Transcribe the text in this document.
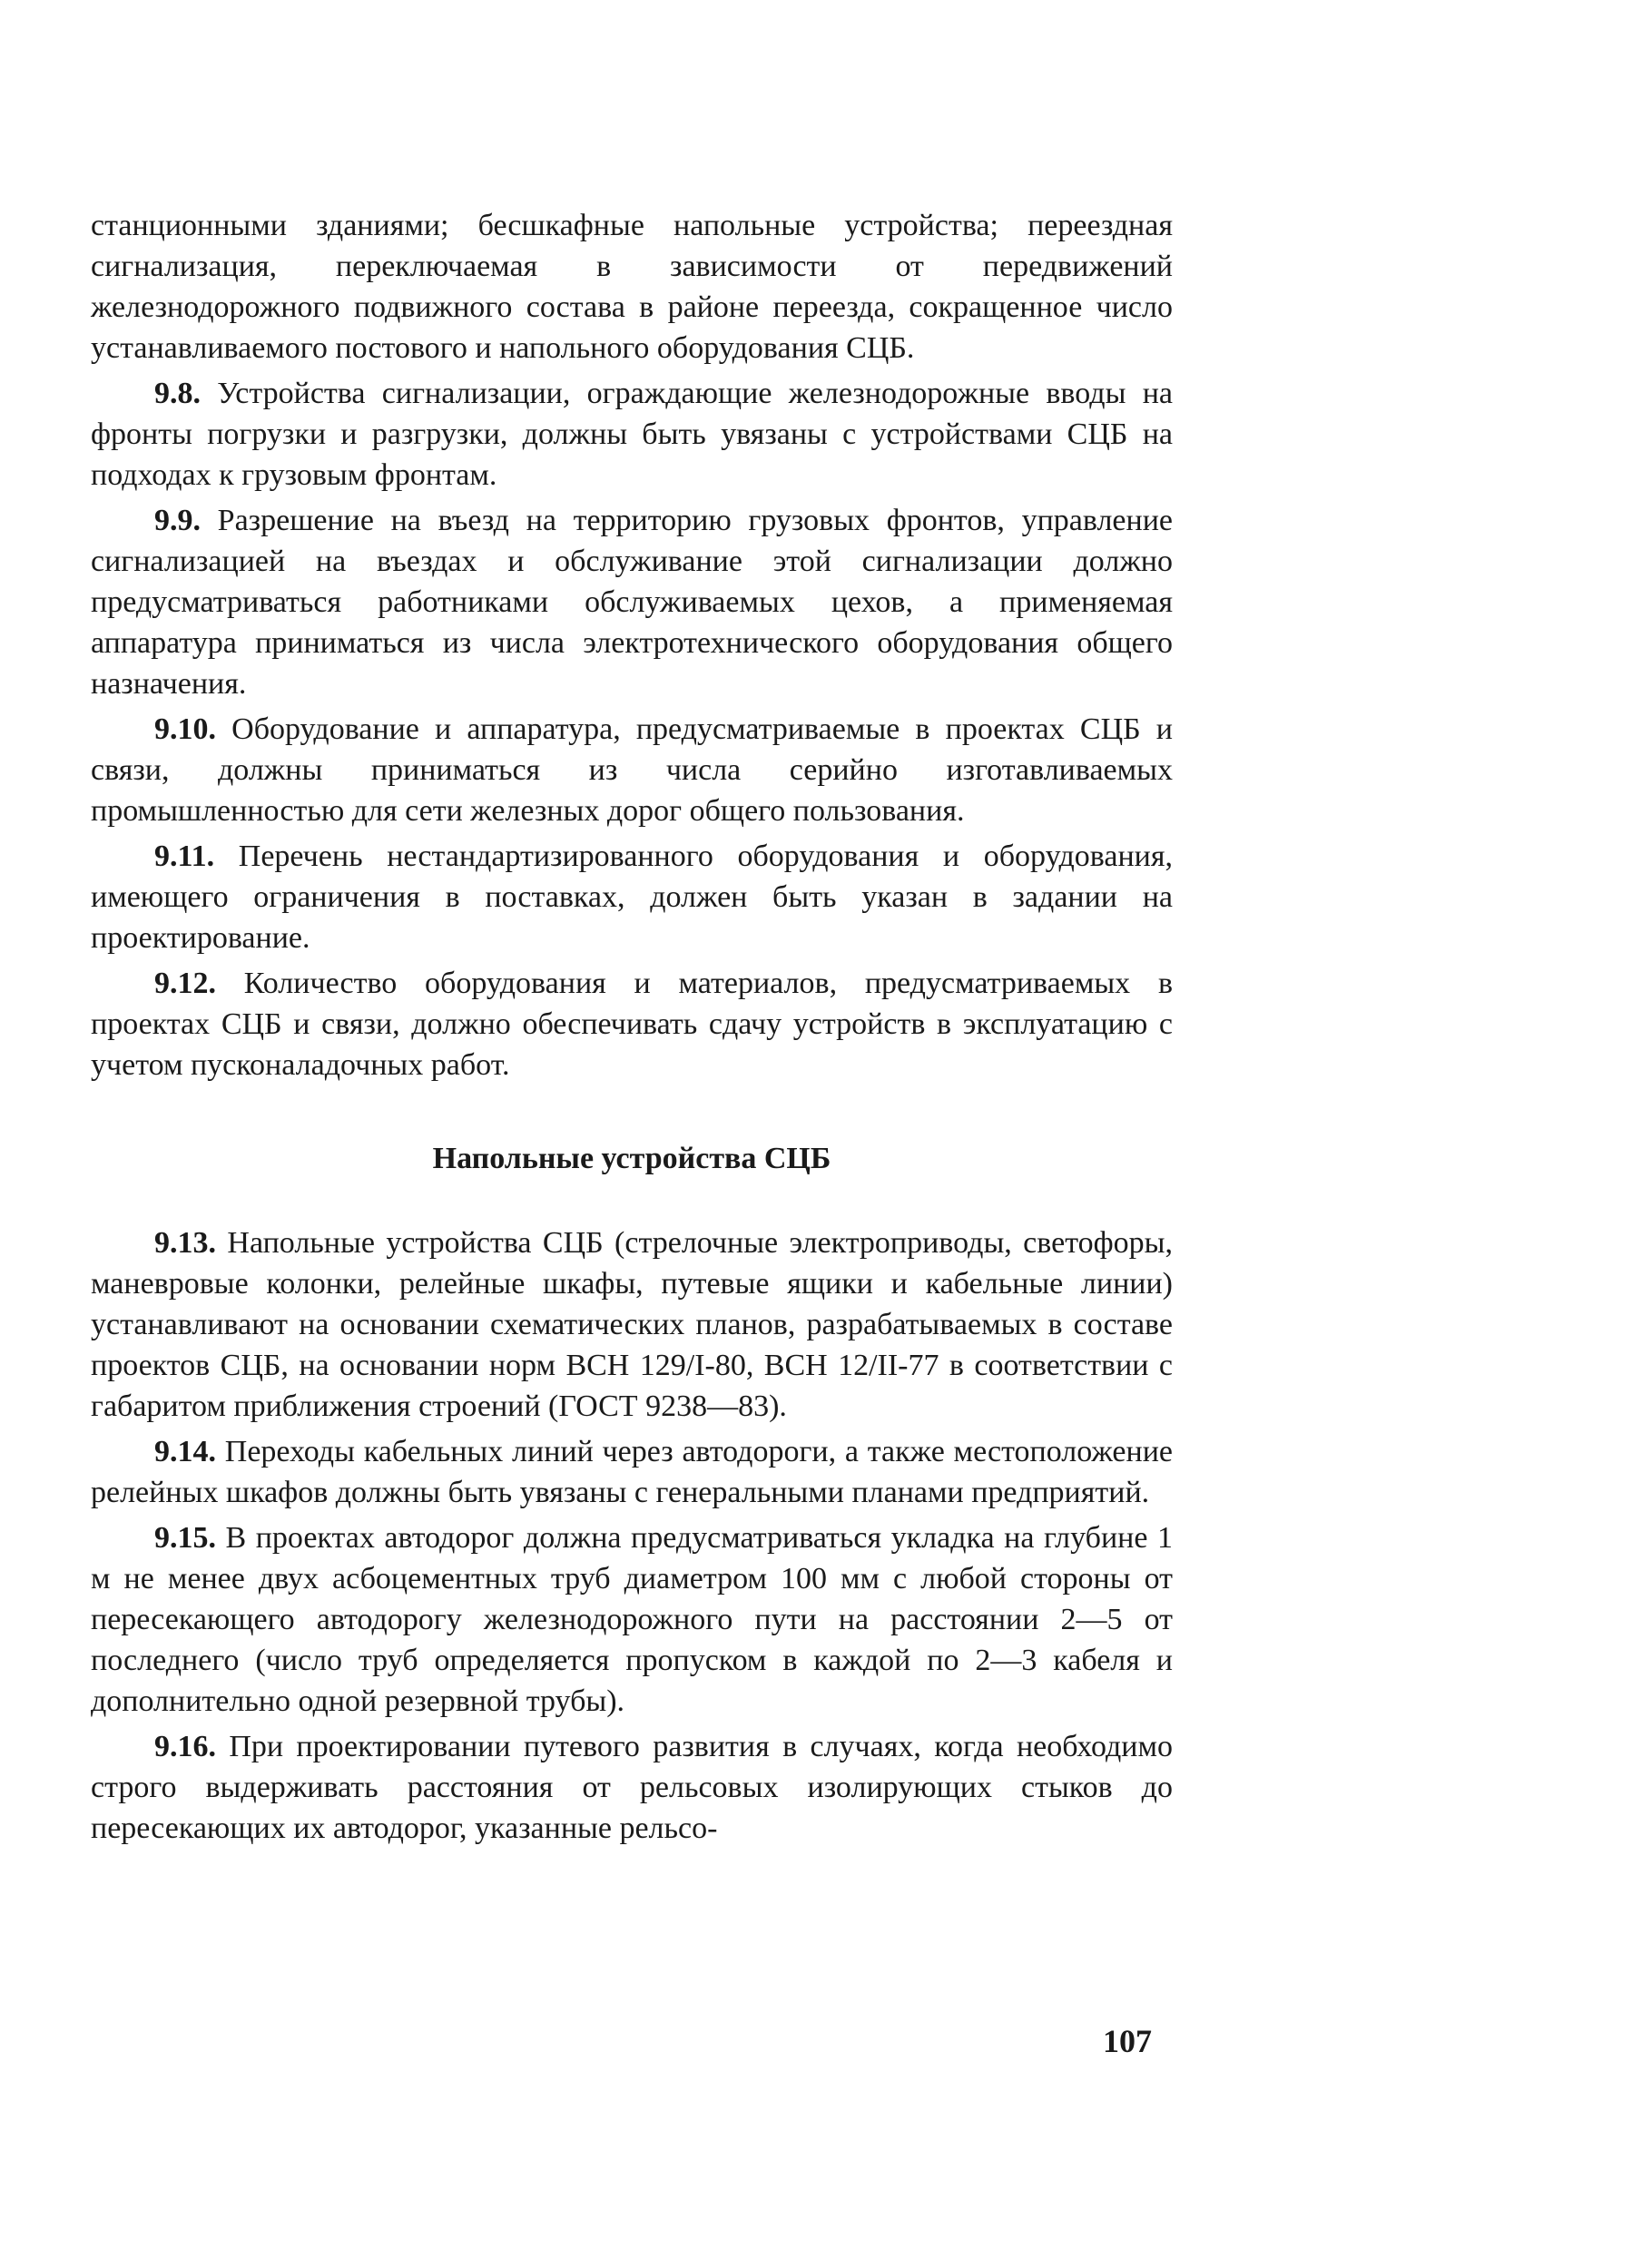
станционными зданиями; бесшкафные напольные устройства; переездная сигнализация, переключаемая в зависимости от передвижений железнодорожного подвижного состава в районе переезда, сокращенное число устанавливаемого постового и напольного оборудования СЦБ.

9.8. Устройства сигнализации, ограждающие железнодорожные вводы на фронты погрузки и разгрузки, должны быть увязаны с устройствами СЦБ на подходах к грузовым фронтам.

9.9. Разрешение на въезд на территорию грузовых фронтов, управление сигнализацией на въездах и обслуживание этой сигнализации должно предусматриваться работниками обслуживаемых цехов, а применяемая аппаратура приниматься из числа электротехнического оборудования общего назначения.

9.10. Оборудование и аппаратура, предусматриваемые в проектах СЦБ и связи, должны приниматься из числа серийно изготавливаемых промышленностью для сети железных дорог общего пользования.

9.11. Перечень нестандартизированного оборудования и оборудования, имеющего ограничения в поставках, должен быть указан в задании на проектирование.

9.12. Количество оборудования и материалов, предусматриваемых в проектах СЦБ и связи, должно обеспечивать сдачу устройств в эксплуатацию с учетом пусконаладочных работ.

Напольные устройства СЦБ

9.13. Напольные устройства СЦБ (стрелочные электроприводы, светофоры, маневровые колонки, релейные шкафы, путевые ящики и кабельные линии) устанавливают на основании схематических планов, разрабатываемых в составе проектов СЦБ, на основании норм ВСН 129/I-80, ВСН 12/II-77 в соответствии с габаритом приближения строений (ГОСТ 9238—83).

9.14. Переходы кабельных линий через автодороги, а также местоположение релейных шкафов должны быть увязаны с генеральными планами предприятий.

9.15. В проектах автодорог должна предусматриваться укладка на глубине 1 м не менее двух асбоцементных труб диаметром 100 мм с любой стороны от пересекающего автодорогу железнодорожного пути на расстоянии 2—5 от последнего (число труб определяется пропуском в каждой по 2—3 кабеля и дополнительно одной резервной трубы).

9.16. При проектировании путевого развития в случаях, когда необходимо строго выдерживать расстояния от рельсовых изолирующих стыков до пересекающих их автодорог, указанные рельсо-

107
